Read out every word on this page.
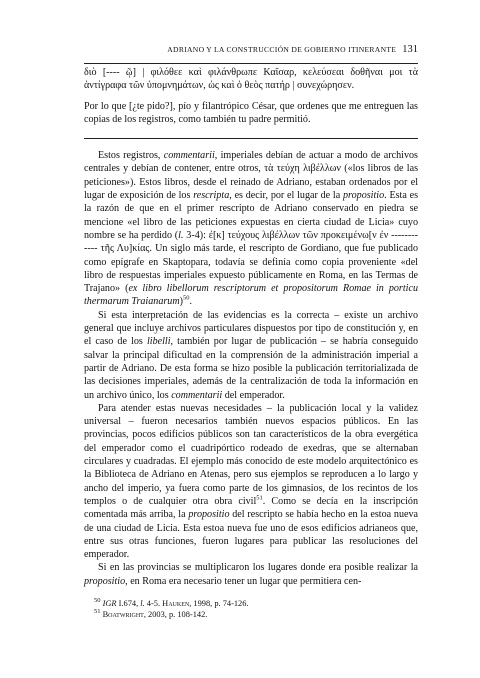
ADRIANO Y LA CONSTRUCCIÓN DE GOBIERNO ITINERANTE 131

διὸ [---- ῷ] | φιλόθεε καὶ φιλάνθρωπε Καῖσαρ, κελεύσεαι δοθῆναι μοι τὰ ἀντίγραφα τῶν ὑπομνημάτων, ὡς καὶ ὁ θεὸς πατήρ | συνεχώρησεν.

Por lo que [¿te pido?], pío y filantrópico César, que ordenes que me entreguen las copias de los registros, como también tu padre permitió.

Estos registros, commentarii, imperiales debían de actuar a modo de archivos centrales y debían de contener, entre otros, τὰ τεύχη λιβέλλων («los libros de las peticiones»). Estos libros, desde el reinado de Adriano, estaban ordenados por el lugar de exposición de los rescripta, es decir, por el lugar de la propositio. Esta es la razón de que en el primer rescripto de Adriano conservado en piedra se mencione «el libro de las peticiones expuestas en cierta ciudad de Licia» cuyo nombre se ha perdido (l. 3-4): ἐ[κ] τεύχους λιβέλλων τῶν προκειμένω[ν ἐν ------------ τῆς Λυ]κίας. Un siglo más tarde, el rescripto de Gordiano, que fue publicado como epígrafe en Skaptopara, todavía se definía como copia proveniente «del libro de respuestas imperiales expuesto públicamente en Roma, en las Termas de Trajano» (ex libro libellorum rescriptorum et propositorum Romae in porticu thermarum Traianarum)$^{50}$.

Si esta interpretación de las evidencias es la correcta – existe un archivo general que incluye archivos particulares dispuestos por tipo de constitución y, en el caso de los libelli, también por lugar de publicación – se habría conseguido salvar la principal dificultad en la comprensión de la administración imperial a partir de Adriano. De esta forma se hizo posible la publicación territorializada de las decisiones imperiales, además de la centralización de toda la información en un archivo único, los commentarii del emperador.

Para atender estas nuevas necesidades – la publicación local y la validez universal – fueron necesarios también nuevos espacios públicos. En las provincias, pocos edificios públicos son tan característicos de la obra evergética del emperador como el cuadripórtico rodeado de exedras, que se alternaban circulares y cuadradas. El ejemplo más conocido de este modelo arquitectónico es la Biblioteca de Adriano en Atenas, pero sus ejemplos se reproducen a lo largo y ancho del imperio, ya fuera como parte de los gimnasios, de los recintos de los templos o de cualquier otra obra civil$^{51}$. Como se decía en la inscripción comentada más arriba, la propositio del rescripto se había hecho en la estoa nueva de una ciudad de Licia. Esta estoa nueva fue uno de esos edificios adrianeos que, entre sus otras funciones, fueron lugares para publicar las resoluciones del emperador.

Si en las provincias se multiplicaron los lugares donde era posible realizar la propositio, en Roma era necesario tener un lugar que permitiera cen-

$^{50}$ IGR I.674, l. 4-5. Hauken, 1998, p. 74-126.
$^{51}$ Boatwright, 2003, p. 108-142.
